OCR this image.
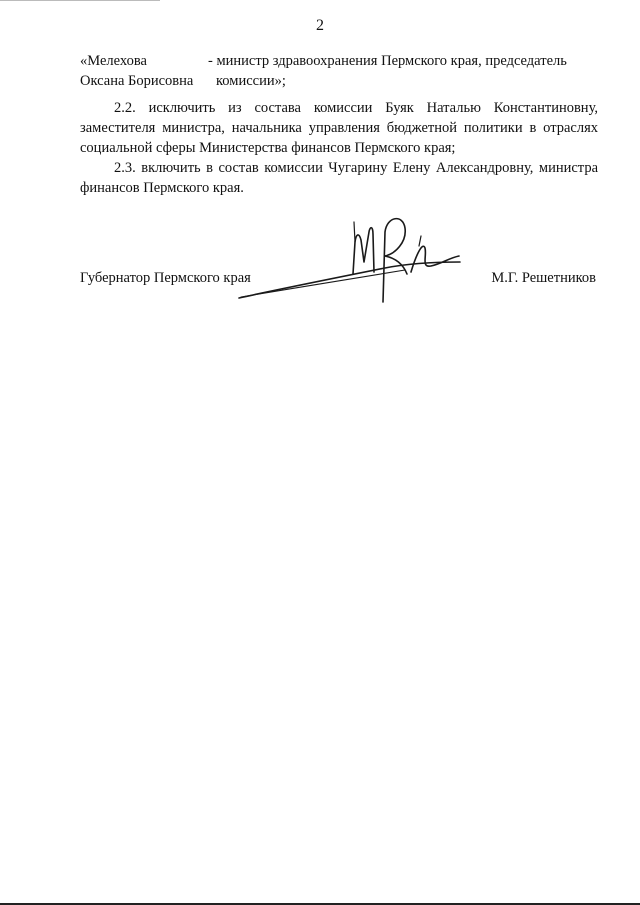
2
«Мелехова
Оксана Борисовна
- министр здравоохранения Пермского края, председатель
комиссии»;

2.2. исключить из состава комиссии Буяк Наталью Константиновну, заместителя министра, начальника управления бюджетной политики в отраслях социальной сферы Министерства финансов Пермского края;

2.3. включить в состав комиссии Чугарину Елену Александровну, министра финансов Пермского края.

Губернатор Пермского края	М.Г. Решетников
